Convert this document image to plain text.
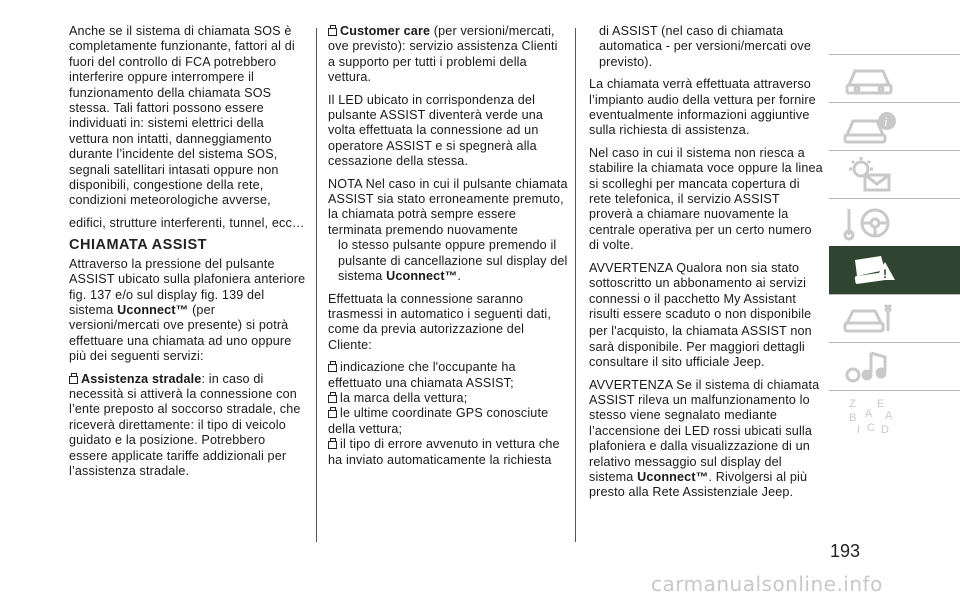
Anche se il sistema di chiamata SOS è completamente funzionante, fattori al di fuori del controllo di FCA potrebbero interferire oppure interrompere il funzionamento della chiamata SOS stessa. Tali fattori possono essere individuati in: sistemi elettrici della vettura non intatti, danneggiamento durante l’incidente del sistema SOS, segnali satellitari intasati oppure non disponibili, congestione della rete, condizioni meteorologiche avverse,

edifici, strutture interferenti, tunnel, ecc…

CHIAMATA ASSIST

Attraverso la pressione del pulsante ASSIST ubicato sulla plafoniera anteriore fig. 137 e/o sul display fig. 139 del sistema Uconnect™ (per versioni/mercati ove presente) si potrà effettuare una chiamata ad uno oppure più dei seguenti servizi:

Assistenza stradale: in caso di necessità si attiverà la connessione con l’ente preposto al soccorso stradale, che riceverà direttamente: il tipo di veicolo guidato e la posizione. Potrebbero essere applicate tariffe addizionali per l’assistenza stradale.

Customer care (per versioni/mercati, ove previsto): servizio assistenza Clienti a supporto per tutti i problemi della vettura.

Il LED ubicato in corrispondenza del pulsante ASSIST diventerà verde una volta effettuata la connessione ad un operatore ASSIST e si spegnerà alla cessazione della stessa.

NOTA Nel caso in cui il pulsante chiamata ASSIST sia stato erroneamente premuto, la chiamata potrà sempre essere terminata premendo nuovamente

lo stesso pulsante oppure premendo il pulsante di cancellazione sul display del sistema Uconnect™.

Effettuata la connessione saranno trasmessi in automatico i seguenti dati, come da previa autorizzazione del Cliente:

indicazione che l'occupante ha effettuato una chiamata ASSIST;
la marca della vettura;
le ultime coordinate GPS conosciute della vettura;
il tipo di errore avvenuto in vettura che ha inviato automaticamente la richiesta

di ASSIST (nel caso di chiamata automatica - per versioni/mercati ove previsto).

La chiamata verrà effettuata attraverso l’impianto audio della vettura per fornire eventualmente informazioni aggiuntive sulla richiesta di assistenza.

Nel caso in cui il sistema non riesca a stabilire la chiamata voce oppure la linea si scolleghi per mancata copertura di rete telefonica, il servizio ASSIST proverà a chiamare nuovamente la centrale operativa per un certo numero di volte.

AVVERTENZA Qualora non sia stato sottoscritto un abbonamento ai servizi connessi o il pacchetto My Assistant risulti essere scaduto o non disponibile

per l'acquisto, la chiamata ASSIST non sarà disponibile. Per maggiori dettagli consultare il sito ufficiale Jeep.

AVVERTENZA Se il sistema di chiamata ASSIST rileva un malfunzionamento lo stesso viene segnalato mediante l’accensione dei LED rossi ubicati sulla plafoniera e dalla visualizzazione di un relativo messaggio sul display del sistema Uconnect™. Rivolgersi al più presto alla Rete Assistenziale Jeep.

i
!
Z E
B A A
I C D
193
carmanualsonline.info
